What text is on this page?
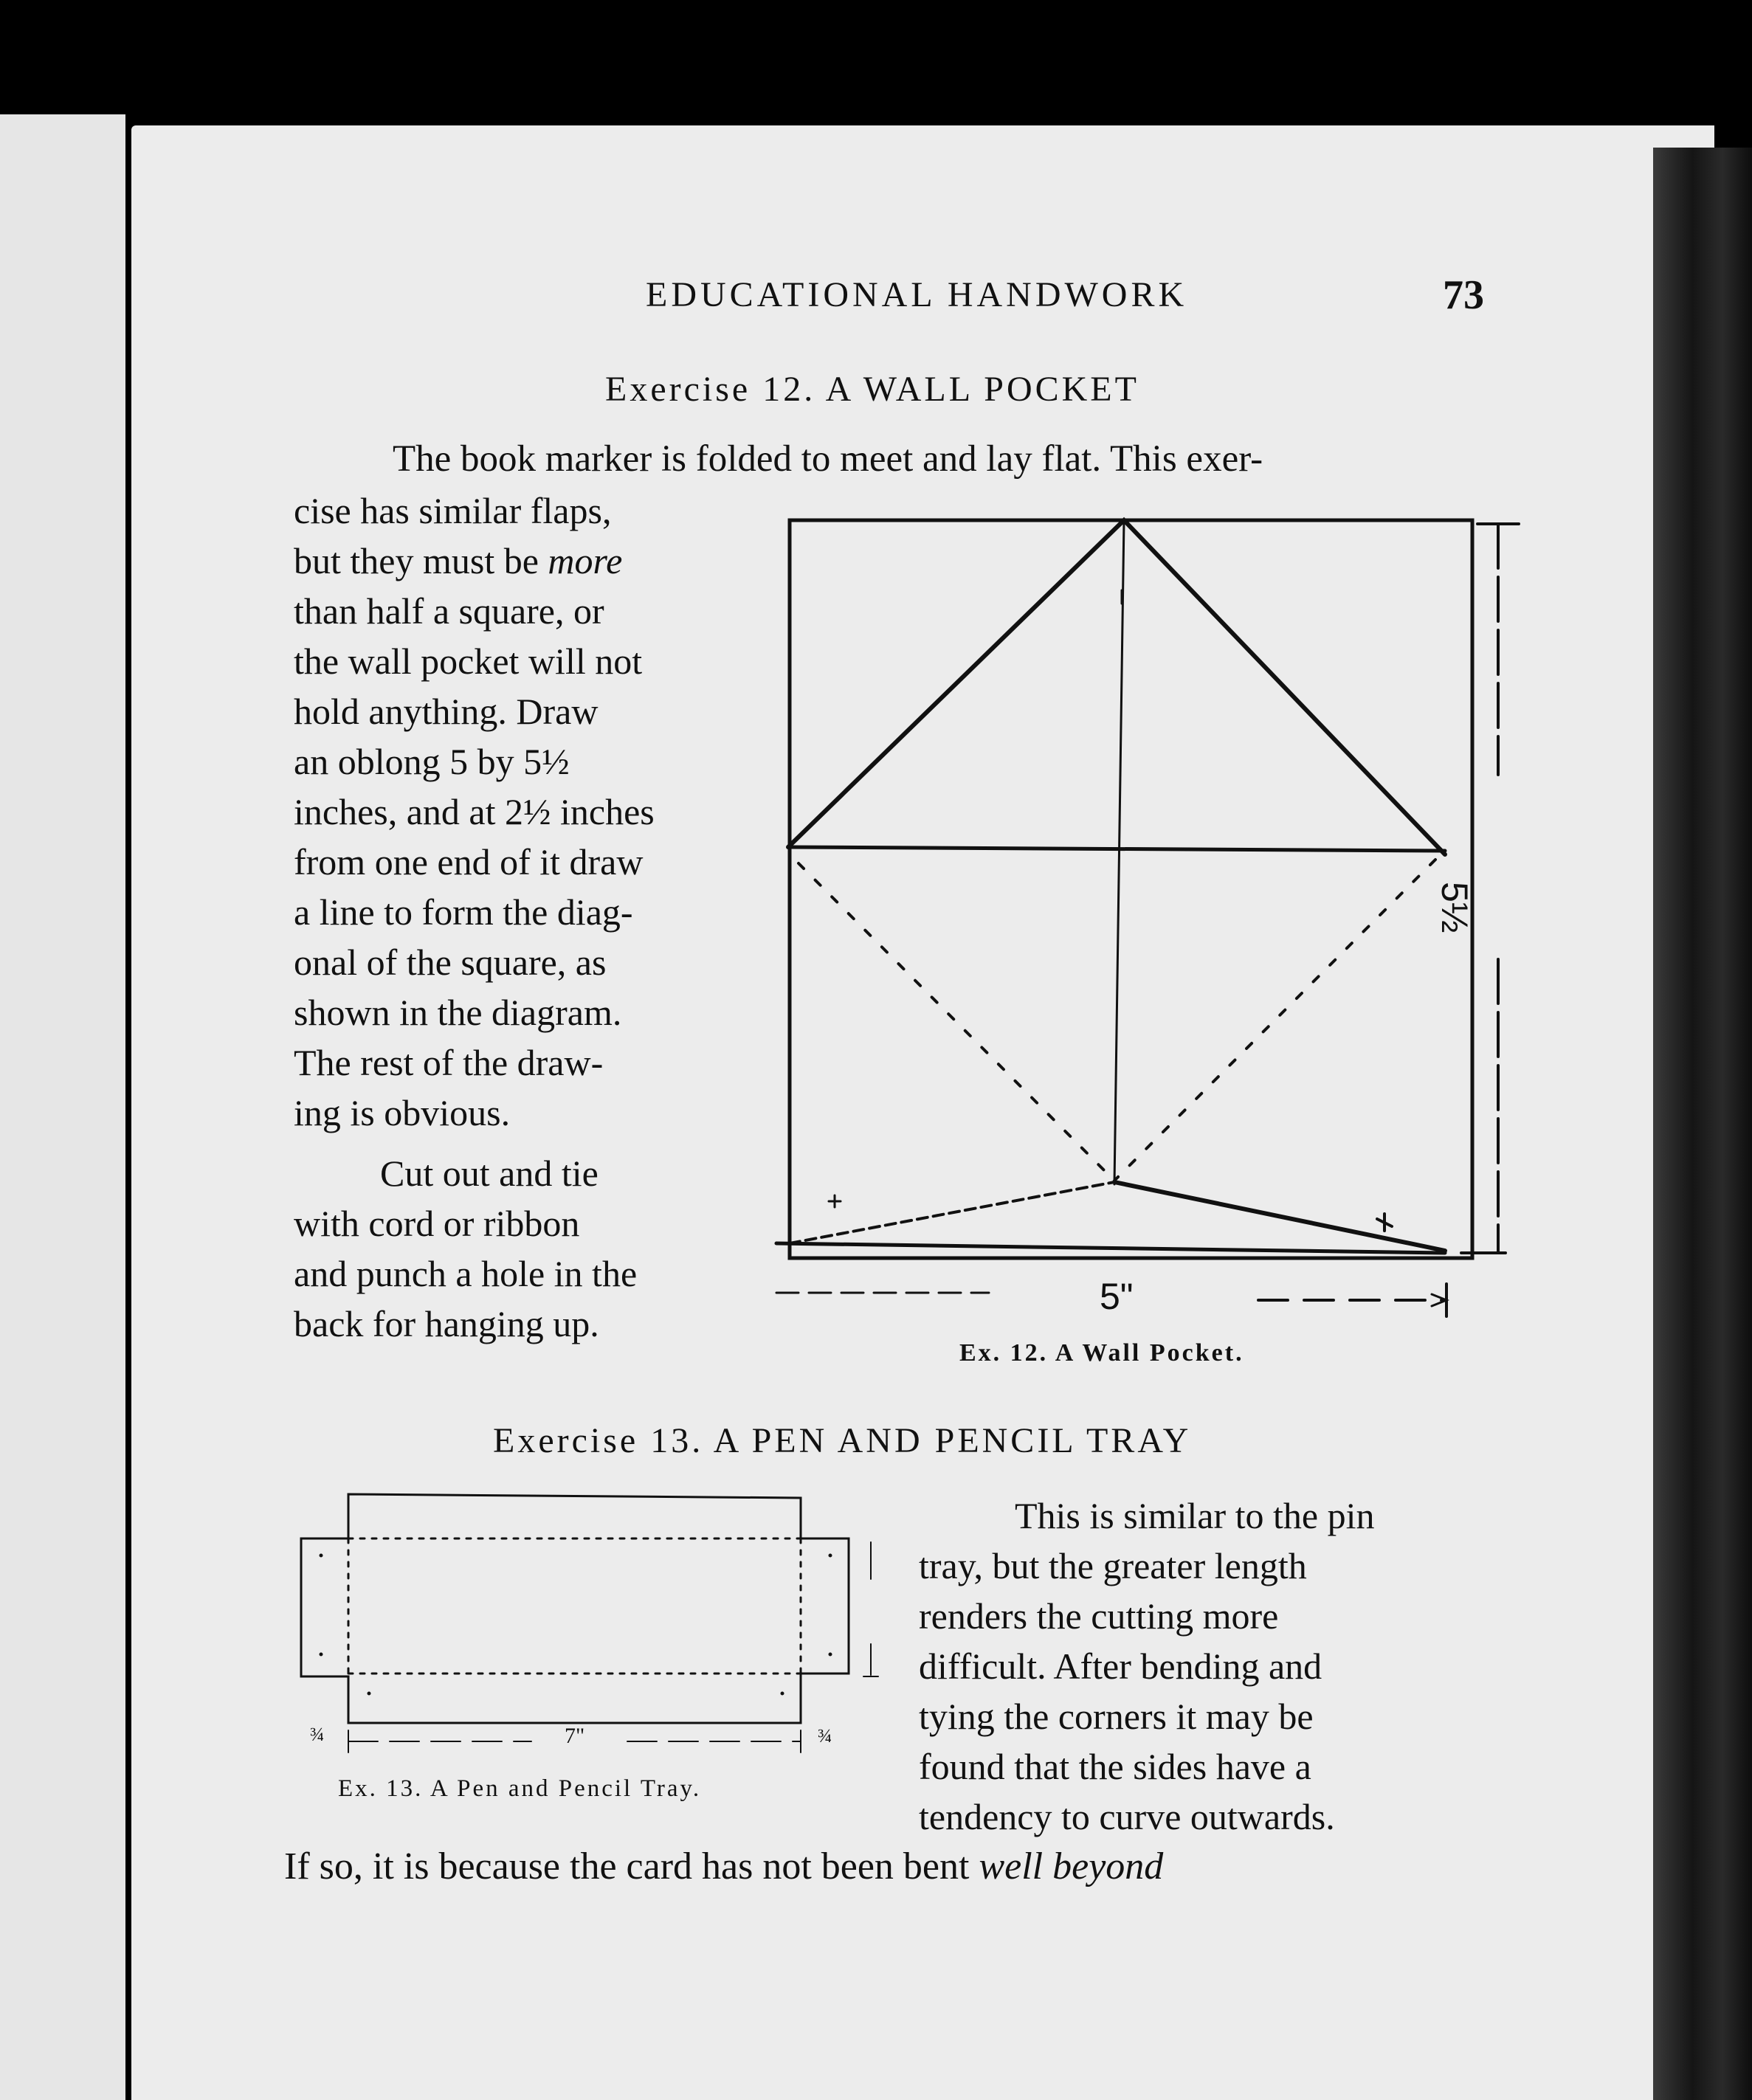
EDUCATIONAL HANDWORK	73
Exercise 12. A WALL POCKET
The book marker is folded to meet and lay flat. This exer-
cise has similar flaps,
but they must be more
than half a square, or
the wall pocket will not
hold anything. Draw
an oblong 5 by 5½
inches, and at 2½ inches
from one end of it draw
a line to form the diag-
onal of the square, as
shown in the diagram.
The rest of the draw-
ing is obvious.
Cut out and tie
with cord or ribbon
and punch a hole in the
back for hanging up.
5½
5"
Ex. 12. A Wall Pocket.
Exercise 13. A PEN AND PENCIL TRAY
7"
¾	¾
Ex. 13. A Pen and Pencil Tray.
This is similar to the pin
tray, but the greater length
renders the cutting more
difficult. After bending and
tying the corners it may be
found that the sides have a
tendency to curve outwards.
If so, it is because the card has not been bent well beyond
